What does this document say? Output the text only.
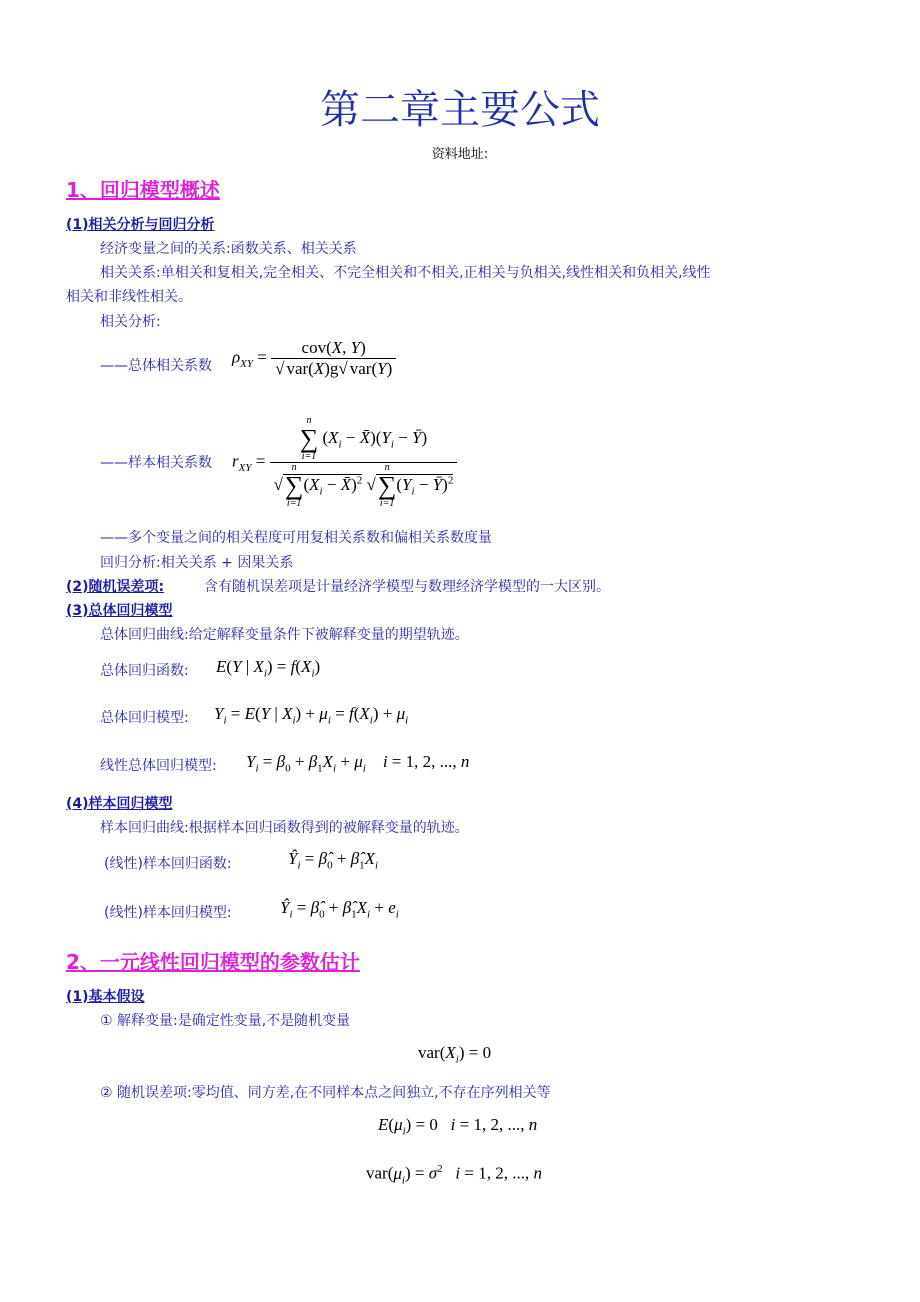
第二章主要公式
资料地址:
1、回归模型概述
(1)相关分析与回归分析
经济变量之间的关系:函数关系、相关关系
相关关系:单相关和复相关,完全相关、不完全相关和不相关,正相关与负相关,线性相关和负相关,线性
相关和非线性相关。
相关分析:
——总体相关系数 $\rho_{XY} = \frac{\text{cov(X, Y)}}{\text{√ var(X)g√ var(Y)}}$
——样本相关系数 $r_{XY} = n$
∑
i=1
($X_i$ − $X̄)(Y_i$ − Ȳ)
√
n
∑
i=1
($X_i$ − X̄)$^2$ √
n
∑
i=1
($Y_i$ − Ȳ)$^2$
——多个变量之间的相关程度可用复相关系数和偏相关系数度量
回归分析:相关关系 + 因果关系
(2)随机误差项:	含有随机误差项是计量经济学模型与数理经济学模型的一大区别。
(3)总体回归模型
总体回归曲线:给定解释变量条件下被解释变量的期望轨迹。
总体回归函数: E(Y | $X_i) = f(X_i)$
总体回归模型: $Y_i = E(Y$ | $X_i) + \mu_i = f(X_i) + \mu_i$
线性总体回归模型: $Y_i = \beta_0 + \beta_1X_i + \mu_i$ i = 1, 2, ..., n
(4)样本回归模型
样本回归曲线:根据样本回归函数得到的被解释变量的轨迹。
(线性)样本回归函数:	$Ŷ_i$ = $\betâ_0$ + $\betâ_1X_i$
(线性)样本回归模型:	$Ŷ_i$ = $\betâ_0$ + $\betâ_1X_i + e_i$
2、一元线性回归模型的参数估计
(1)基本假设
① 解释变量:是确定性变量,不是随机变量
$var(X_i) = 0$
② 随机误差项:零均值、同方差,在不同样本点之间独立,不存在序列相关等
$E(\mu_i) = 0$   i = 1, 2, ..., n
$var(\mu_i) = \sigma^2$ i = 1, 2, ..., n
